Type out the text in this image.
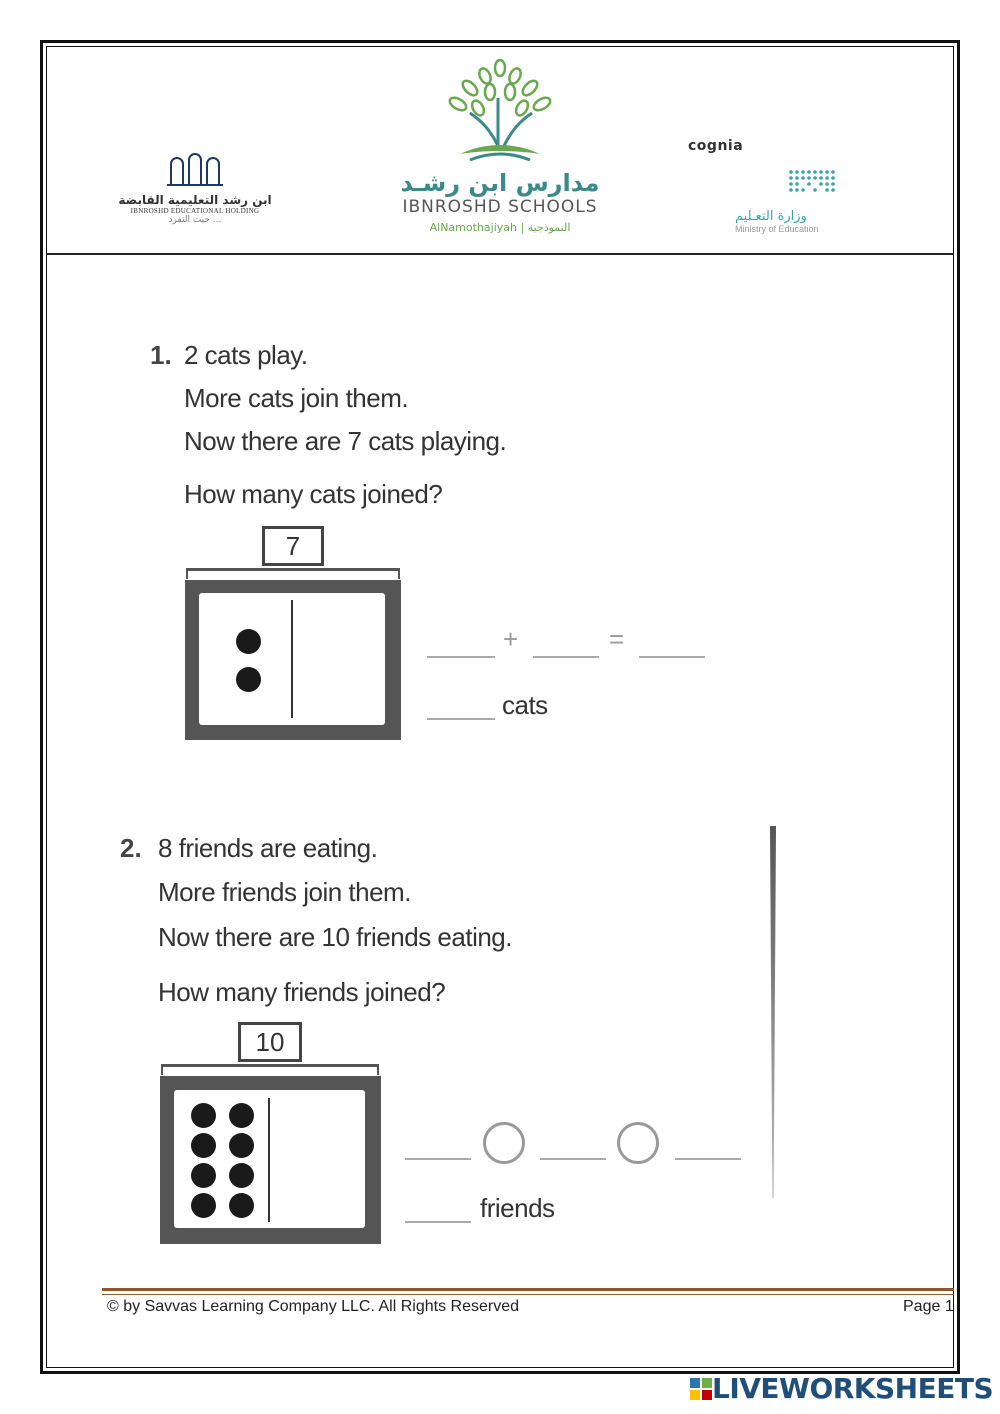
ابن رشد التعليمية القابضة
IBNROSHD EDUCATIONAL HOLDING
حيث التفرد ...
مدارس ابن رشـد
IBNROSHD SCHOOLS
AlNamothajiyah | النموذجية
cognia
وزارة التعـليم
Ministry of Education
1. 2 cats play.
More cats join them.
Now there are 7 cats playing.
How many cats joined?
7
+	=
cats
2. 8 friends are eating.
More friends join them.
Now there are 10 friends eating.
How many friends joined?
10
friends
© by Savvas Learning Company LLC. All Rights Reserved	Page 1
LIVEWORKSHEETS
